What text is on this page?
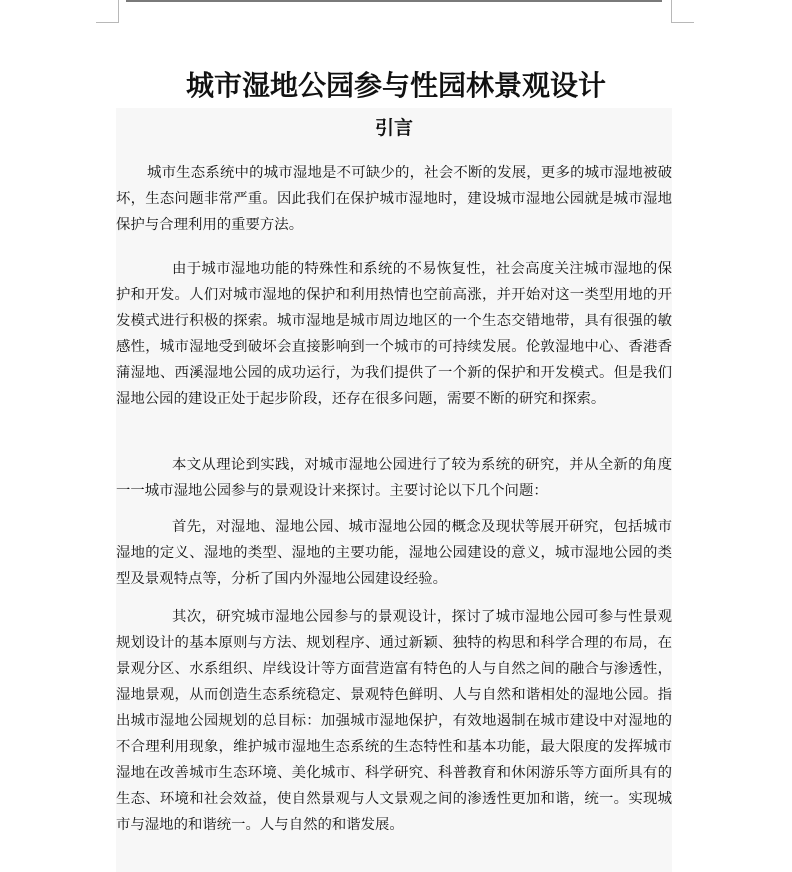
城市湿地公园参与性园林景观设计
引言

城市生态系统中的城市湿地是不可缺少的，社会不断的发展，更多的城市湿地被破坏，生态问题非常严重。因此我们在保护城市湿地时，建设城市湿地公园就是城市湿地保护与合理利用的重要方法。

由于城市湿地功能的特殊性和系统的不易恢复性，社会高度关注城市湿地的保护和开发。人们对城市湿地的保护和利用热情也空前高涨，并开始对这一类型用地的开发模式进行积极的探索。城市湿地是城市周边地区的一个生态交错地带，具有很强的敏感性，城市湿地受到破坏会直接影响到一个城市的可持续发展。伦敦湿地中心、香港香蒲湿地、西溪湿地公园的成功运行，为我们提供了一个新的保护和开发模式。但是我们湿地公园的建设正处于起步阶段，还存在很多问题，需要不断的研究和探索。

本文从理论到实践，对城市湿地公园进行了较为系统的研究，并从全新的角度一一城市湿地公园参与的景观设计来探讨。主要讨论以下几个问题：

首先，对湿地、湿地公园、城市湿地公园的概念及现状等展开研究，包括城市湿地的定义、湿地的类型、湿地的主要功能，湿地公园建设的意义，城市湿地公园的类型及景观特点等，分析了国内外湿地公园建设经验。

其次，研究城市湿地公园参与的景观设计，探讨了城市湿地公园可参与性景观规划设计的基本原则与方法、规划程序、通过新颖、独特的构思和科学合理的布局，在景观分区、水系组织、岸线设计等方面营造富有特色的人与自然之间的融合与渗透性，湿地景观，从而创造生态系统稳定、景观特色鲜明、人与自然和谐相处的湿地公园。指出城市湿地公园规划的总目标：加强城市湿地保护，有效地遏制在城市建设中对湿地的不合理利用现象，维护城市湿地生态系统的生态特性和基本功能，最大限度的发挥城市湿地在改善城市生态环境、美化城市、科学研究、科普教育和休闲游乐等方面所具有的生态、环境和社会效益，使自然景观与人文景观之间的渗透性更加和谐，统一。实现城市与湿地的和谐统一。人与自然的和谐发展。
